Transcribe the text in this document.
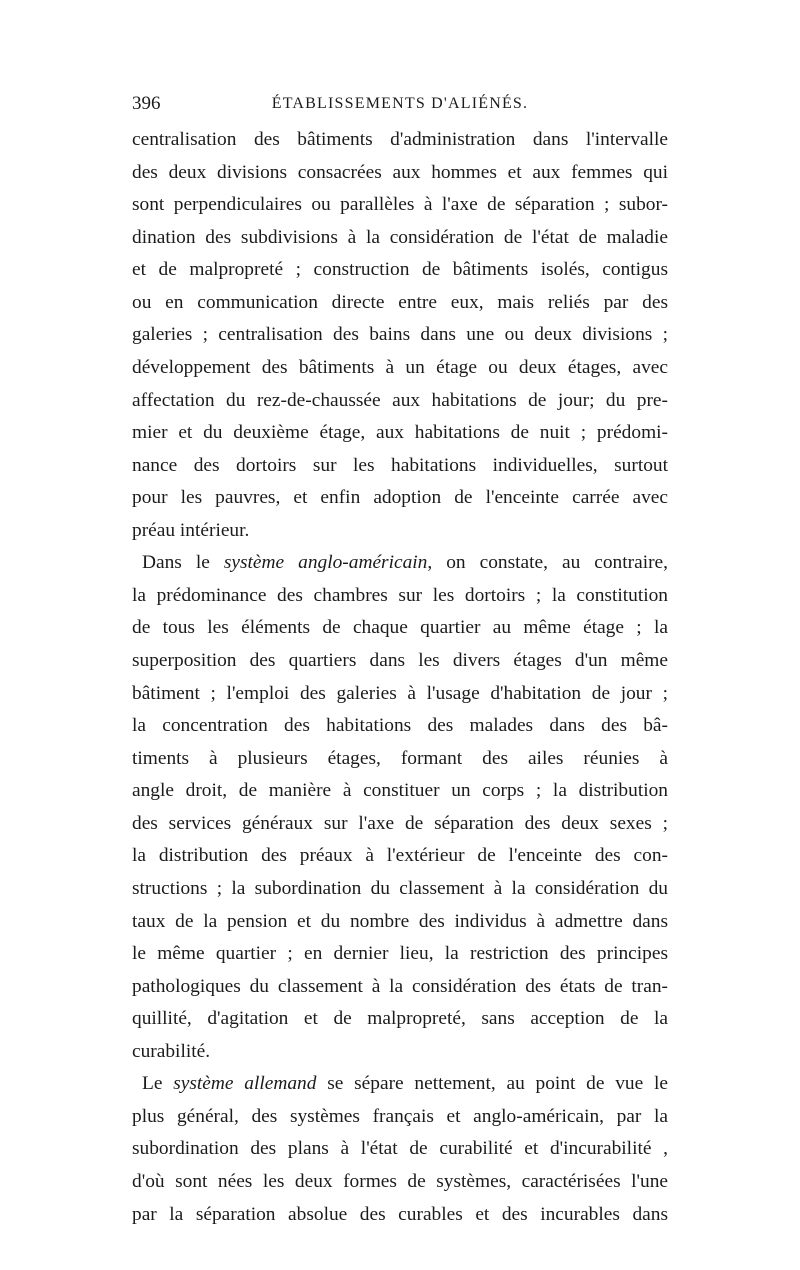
396	ÉTABLISSEMENTS D'ALIÉNÉS.
centralisation des bâtiments d'administration dans l'intervalle
des deux divisions consacrées aux hommes et aux femmes qui
sont perpendiculaires ou parallèles à l'axe de séparation ; subor-
dination des subdivisions à la considération de l'état de maladie
et de malpropreté ; construction de bâtiments isolés, contigus
ou en communication directe entre eux, mais reliés par des
galeries ; centralisation des bains dans une ou deux divisions ;
développement des bâtiments à un étage ou deux étages, avec
affectation du rez-de-chaussée aux habitations de jour; du pre-
mier et du deuxième étage, aux habitations de nuit ; prédomi-
nance des dortoirs sur les habitations individuelles, surtout
pour les pauvres, et enfin adoption de l'enceinte carrée avec
préau intérieur.
Dans le système anglo-américain, on constate, au contraire,
la prédominance des chambres sur les dortoirs ; la constitution
de tous les éléments de chaque quartier au même étage ; la
superposition des quartiers dans les divers étages d'un même
bâtiment ; l'emploi des galeries à l'usage d'habitation de jour ;
la concentration des habitations des malades dans des bâ-
timents à plusieurs étages, formant des ailes réunies à
angle droit, de manière à constituer un corps ; la distribution
des services généraux sur l'axe de séparation des deux sexes ;
la distribution des préaux à l'extérieur de l'enceinte des con-
structions ; la subordination du classement à la considération du
taux de la pension et du nombre des individus à admettre dans
le même quartier ; en dernier lieu, la restriction des principes
pathologiques du classement à la considération des états de tran-
quillité, d'agitation et de malpropreté, sans acception de la
curabilité.
Le système allemand se sépare nettement, au point de vue le
plus général, des systèmes français et anglo-américain, par la
subordination des plans à l'état de curabilité et d'incurabilité ,
d'où sont nées les deux formes de systèmes, caractérisées l'une
par la séparation absolue des curables et des incurables dans
